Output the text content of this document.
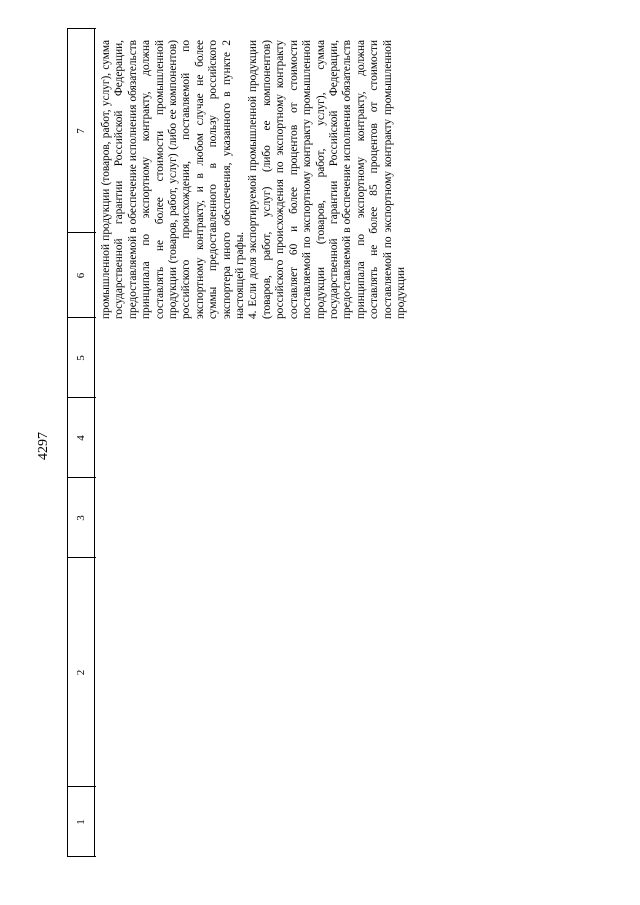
4297
1
2
3
4
5
6
7	промышленной продукции (товаров, работ, услуг), сумма государственной гарантии Российской Федерации, предоставляемой в обеспечение исполнения обязательств принципала по экспортному контракту, должна составлять не более стоимости промышленной продукции (товаров, работ, услуг) (либо ее компонентов) российского происхождения, поставляемой по экспортному контракту, и в любом случае не более суммы предоставленного в пользу российского экспортера иного обеспечения, указанного в пункте 2 настоящей графы. 4. Если доля экспортируемой промышленной продукции (товаров, работ, услуг) (либо ее компонентов) российского происхождения по экспортному контракту составляет 60 и более процентов от стоимости поставляемой по экспортному контракту промышленной продукции (товаров, работ, услуг), сумма государственной гарантии Российской Федерации, предоставляемой в обеспечение исполнения обязательств принципала по экспортному контракту, должна составлять не более 85 процентов от стоимости поставляемой по экспортному контракту промышленной продукции
